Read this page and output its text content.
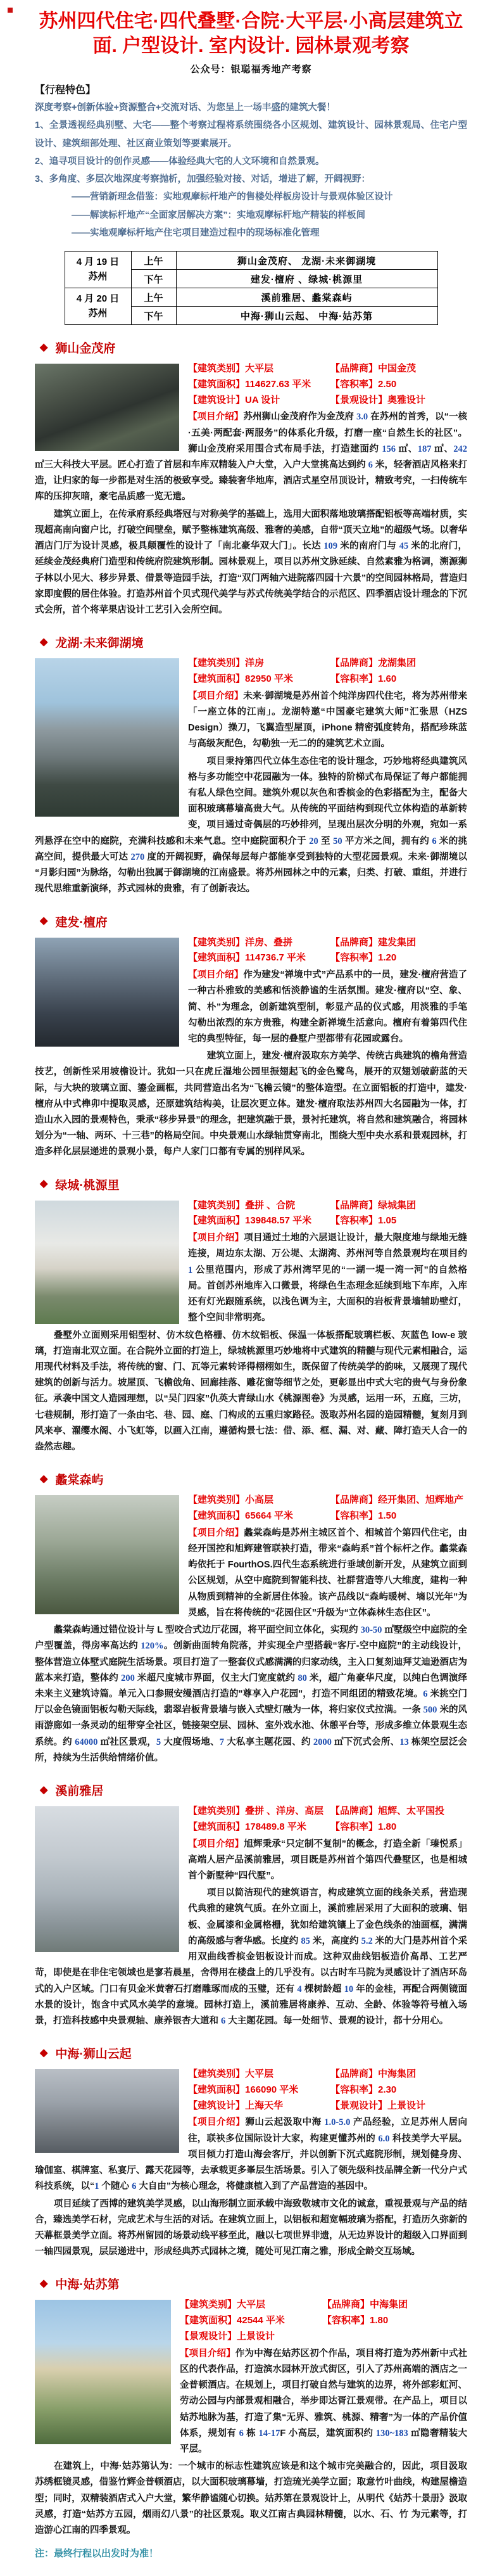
苏州四代住宅·四代叠墅·合院·大平层·小高层建筑立面. 户型设计. 室内设计. 园林景观考察
公众号：银聪福秀地产考察
【行程特色】
深度考察+创新体验+资源整合+交流对话、为您呈上一场丰盛的建筑大餐！
1、全景透视经典别墅、大宅——整个考察过程将系统围绕各小区规划、建筑设计、园林景观局、住宅户型设计、建筑细部处理、社区商业策划等要素展开。
2、追寻项目设计的创作灵感——体验经典大宅的人文环境和自然景观。
3、多角度、多层次地深度考察抛析，加强经验对接、对话，增进了解，开阔视野：
——营销新理念借鉴：实地观摩标杆地产的售楼处样板房设计与景观体验区设计
——解读标杆地产“全面家居解决方案”：实地观摩标杆地产精装的样板间
——实地观摩标杆地产住宅项目建造过程中的现场标准化管理
4 月 19 日
苏州	上午	狮山金茂府、 龙湖·未来御湖境
	下午	建发·檀府 、绿城·桃源里

4 月 20 日
苏州	上午	溪前雅居、蠡棠森屿
	下午	中海·狮山云起、 中海·姑苏第
◆ 狮山金茂府
【建筑类别】大平层	【品牌商】中国金茂
【建筑面积】114627.63 平米 【容积率】2.50
【建筑设计】UA 设计	【景观设计】奥雅设计

【项目介绍】苏州狮山金茂府作为金茂府 3.0 在苏州的首秀，以“一核·五美·两配套·两服务”的体系化升级，打磨一座“自然生长的社区”。狮山金茂府采用围合式布局手法，打造建面约 156 ㎡、187 ㎡、242 ㎡三大科技大平层。匠心打造了首层和车库双精装入户大堂，入户大堂挑高达到约 6 米，轻奢酒店风格来打造，让归家的每一步都是对生活的极致享受。臻装奢华地库，酒店式星空吊顶设计，精致考究，一扫传统车库的压抑灰暗，豪宅品质感一览无遗。

建筑立面上，在传承府系经典塔冠与对称美学的基础上，选用大面积落地玻璃搭配铝板等高端材质，实现超高南向窗户比，打破空间壁垒，赋予整栋建筑高级、雅奢的美感，自带“顶天立地”的超级气场。以奢华酒店门厅为设计灵感，极具颠覆性的设计了「南北豪华双大门」。长达 109 米的南府门与 45 米的北府门，延续金茂经典府门造型和传统府院建筑形制。园林景观上，项目以苏州文脉延续、自然素雅为格调，溯源狮子林以小见大、移步异景、借景等造园手法，打造“双门两轴六进院落四园十六景”的空间园林格局，营造归家即度假的居住体验。打造苏州首个贝式现代美学与苏式传统美学结合的示范区、四季酒店设计理念的下沉式会所，首个将苹果店设计工艺引入会所空间。

◆ 龙湖·未来御湖境
【建筑类别】洋房	【品牌商】龙湖集团
【建筑面积】82950 平米	【容积率】1.60

【项目介绍】未来·御湖境是苏州首个纯洋房四代住宅，将为苏州带来「一座立体的江南」。龙湖特邀“中国豪宅建筑大师”汇张思（HZS Design）操刀，飞翼造型屋顶，iPhone 精密弧度转角，搭配珍珠蓝与高级灰配色，勾勒独一无二的的建筑艺术立面。

项目秉持第四代立体生态住宅的设计理念，巧妙地将经典建筑风格与多功能空中花园融为一体。独特的阶梯式布局保证了每户都能拥有私人绿色空间。建筑外观以灰色和香槟金的色彩搭配为主，配备大面积玻璃幕墙高贵大气。从传统的平面结构到现代立体构造的革新转变，项目通过奇偶层的巧妙排列，呈现出层次分明的外观，宛如一系列悬浮在空中的庭院，充满科技感和未来气息。空中庭院面积介于 20 至 50 平方米之间，拥有约 6 米的挑高空间，提供最大可达 270 度的开阔视野，确保每层每户都能享受到独特的大型花园景观。未来·御湖境以“月影归园”为脉络，勾勒出独属于御湖境的江南盛景。将苏州园林之中的元素，归类、打破、重组，并进行现代思维重新演绎，苏式园林的贵雅，有了创新表达。

◆ 建发·檀府
【建筑类别】洋房、叠拼	【品牌商】建发集团
【建筑面积】114736.7 平米	【容积率】1.20

【项目介绍】作为建发“禅境中式”产品系中的一员，建发·檀府营造了一种古朴雅致的美感和恬淡静谧的生活氛围。建发·檀府以“空、象、简、朴”为理念，创新建筑型制，彰显产品的仪式感，用淡雅的手笔勾勒出浓烈的东方贵雅，构建全新禅境生活意向。檀府有着第四代住宅的典型特征，每一层的叠墅户型都带有花园或露台。

建筑立面上，建发·檀府汲取东方美学、传统古典建筑的檐角营造技艺，创新性采用坡檐设计。犹如一只在虎丘湿地公园里振翅起飞的金色鹭鸟，展开的双翅划破蔚蓝的天际，与大块的玻璃立面、鎏金画框，共同营造出名为“飞檐云镜”的整体造型。在立面铝板的打造中，建发·檀府从中式榫卯中提取灵感，还原建筑结构美，让层次更立体。建发·檀府取法苏州四大名园融为一体，打造山水入园的景观特色，秉承“移步异景”的理念，把建筑融于景，景衬托建筑，将自然和建筑融合，将园林划分为“一轴、两环、十三巷”的格局空间。中央景观山水绿轴贯穿南北，围绕大型中央水系和景观园林，打造多样化层层递进的景观小景，每户人家门口都有专属的别样风采。

◆ 绿城·桃源里
【建筑类别】叠拼 、合院	【品牌商】绿城集团
【建筑面积】139848.57 平米 【容积率】1.05

【项目介绍】项目通过土地的六层退让设计，最大限度地与绿地无缝连接，周边东太湖、万公堤、太湖湾、苏州河等自然景观均在项目约 1 公里范围内，形成了苏州湾罕见的“一湖一堤一湾一河”的自然格局。首创苏州地库入口微景，将绿色生态理念延续到地下车库，入库还有灯光跟随系统，以浅色调为主，大面积的岩板背景墙辅助壁灯，整个空间非常明亮。

叠墅外立面则采用铝型材、仿木纹色格栅、仿木纹铝板、保温一体板搭配玻璃栏板、灰蓝色 low-e 玻璃，打造南北双立面。在合院外立面的打造上，绿城桃源里巧妙地将中式建筑的精髓与现代元素相融合，运用现代材料及手法，将传统的窗、门、瓦等元素转译得栩栩如生，既保留了传统美学的韵味，又展现了现代建筑的创新与活力。坡屋顶、飞檐戗角、回廊挂落、雕花窗等细节之处，更彰显出中式大宅的贵气与身份象征。承袭中国文人造园理想，以“吴门四家”仇英大青绿山水《桃源图卷》为灵感，运用一环，五庭，三坊，七巷规制，形打造了一条由宅、巷、园、庭、门构成的五重归家路径。汲取苏州名园的造园精髓，复刻月到风来亭、濯缨水阁、小飞虹等，以画入江南，遵循构景七法：借、添、框、漏、对、藏、障打造天人合一的盎然志趣。

◆ 蠡棠森屿
【建筑类别】小高层	【品牌商】经开集团、旭辉地产
【建筑面积】65664 平米	【容积率】1.50

【项目介绍】蠡棠森屿是苏州主城区首个、相城首个第四代住宅，由经开国控和旭辉建管联袂打造，带来“森屿系”首个标杆之作。蠡棠森屿依托于 FourthOS.四代生态系统进行垂域创新开发，从建筑立面到公区规划，从空中庭院到智能科技、社群营造等八大维度，建构一种从物质到精神的全新居住体验。该产品线以“森屿暖树、墒以光年”为灵感，旨在将传统的“花园住区”升级为“立体森林生态住区”。

蠡棠森屿通过错位设计与 L 型咬合式边厅花园，将平面空间立体化，实现约 30-50 ㎡墅级空中庭院的全户型覆盖，得房率高达约 120%。创新曲面转角院落，并实现全户型搭载“客厅-空中庭院”的主动线设计，整体营造立体墅式庭院生活场景。项目打造了一整套仪式感满满的归家动线，主入口复刻迪拜艾迪逊酒店为蓝本来打造，整体约 200 米超尺度城市界面，仅主大门宽度就约 80 米，超广角豪华尺度，以纯白色调演绎未来主义建筑诗篇。单元入口参照安缦酒店打造的"尊享入户花园"，打造不同组团的精致花境。6 米挑空门厅以金色镜面铝板勾勒天际线，翡翠岩板背景墙与嵌入式壁灯融为一体，将归家仪式拉满。一条 500 米的风雨游廊如一条灵动的纽带穿全社区，链接架空层、园林、室外戏水池、休憩平台等，形成多维立体景观生态系统。约 64000 ㎡社区景观，5 大度假场地、7 大私享主题花园、约 2000 ㎡下沉式会所、13 栋架空层泛会所，持续为生活供给情绪价值。

◆ 溪前雅居
【建筑类别】叠拼 、洋房、高层 【品牌商】旭辉、太平国投
【建筑面积】178489.8 平米	【容积率】1.80

【项目介绍】旭辉秉承“只定制不复制”的概念，打造全新「瑧悦系」高端人居产品溪前雅居，项目既是苏州首个第四代叠墅区，也是相城首个新墅种“四代墅”。

项目以简洁现代的建筑语言，构成建筑立面的线条关系，营造现代典雅的建筑气质。在外立面上，溪前雅居采用了大面积的玻璃、铝板、金属漆和金属格栅，犹如给建筑镶上了金色线条的油画框，满满的高级感与奢华感。长度约 85 米，高度约 5.2 米的大门是苏州首个采用双曲线香槟金铝板设计而成。这种双曲线铝板造价高昂、工艺严苛，即使是在非住宅领域也是寥若晨星，舍得用在楼盘上的几乎没有。以古时车马院为灵感设计了酒店环岛式的入户区域。门口有贝金米黄奢石打磨雕琢而成的玉璧，还有 4 棵树龄超 10 年的金桂，再配合两侧镜面水景的设计，饱含中式风水美学的意境。园林打造上，溪前雅居将康养、互动、全龄、体验等符号植入场景，打造科技感中央景观轴、康养银杏大道和 6 大主题花园。每一处细节、景观的设计，都十分用心。

◆ 中海·狮山云起
【建筑类别】大平层	【品牌商】中海集团
【建筑面积】166090 平米	【容积率】2.30
【建筑设计】上海天华	【景观设计】上景设计

【项目介绍】狮山云起汲取中海 1.0-5.0 产品经验，立足苏州人居向往，联袂多位国际设计大家，构建更懂苏州的 6.0 科技美学大平层。项目倾力打造山海会客厅，并以创新下沉式庭院形制，规划健身房、瑜伽室、棋牌室、私宴厅、露天花园等，去承载更多峯层生活场景。引入了领先级科技品牌全新一代分户式科技系统，以“1 个随心 6 大自由”为核心理念，将健康植入到了产品营造的基因中。

项目延续了西博的建筑美学灵感，以山海形制立面承载中海致敬城市文化的诚意，重视景观与产品的结合，臻选美学石材，完成艺术与生活的对话。在建筑立面上，以铝板和超宽幅玻璃为搭配，打造历久弥新的天幕框景美学立面。将苏州留园的场景动线平移至此，融以七项世界非遗，从无边界设计的超级入口界面到一轴四园景观，层层递进中，形成经典苏式园林之境，随处可见江南之雅，形成全龄交互场域。

◆ 中海·姑苏第
【建筑类别】大平层	【品牌商】中海集团
【建筑面积】42544 平米	【容积率】1.80
【景观设计】上景设计

【项目介绍】作为中海在姑苏区初个作品，项目将打造为苏州新中式社区的代表作品，打造滨水园林开放式街区，引入了苏州高端的酒店之一金普顿酒店。在规划上，项目打破自然与建筑的边界，将外部彩虹河、劳动公园与内部景观相融合，举步即达胥江景观带。在产品上，项目以姑苏地脉为基，打造了集“无界、雅筑、桃源、精奢”为一体的产品价值体系，规划有 6 栋 14-17F 小高层，建筑面积约 130~183 ㎡隐奢精装大平层。

在建筑上，中海·姑苏第认为：一个城市的标志性建筑应该是和这个城市完美融合的，因此，项目汲取苏绣框镜灵感，借鉴竹辉金普顿酒店，以大面积玻璃幕墙，打造琉光美学立面；取意竹叶曲线，构建屋檐造型；同时，双精装酒店式入户大堂，繁华静谧随心切换。姑苏第在景观设计上，从明代《姑苏十景册》汲取灵感，打造“姑苏方五园，烟雨幻八景”的社区景观。取义江南古典园林精髓，以水、石、竹 为元素等，打造游心江南的四季景观。

注：最终行程以出发时为准！
